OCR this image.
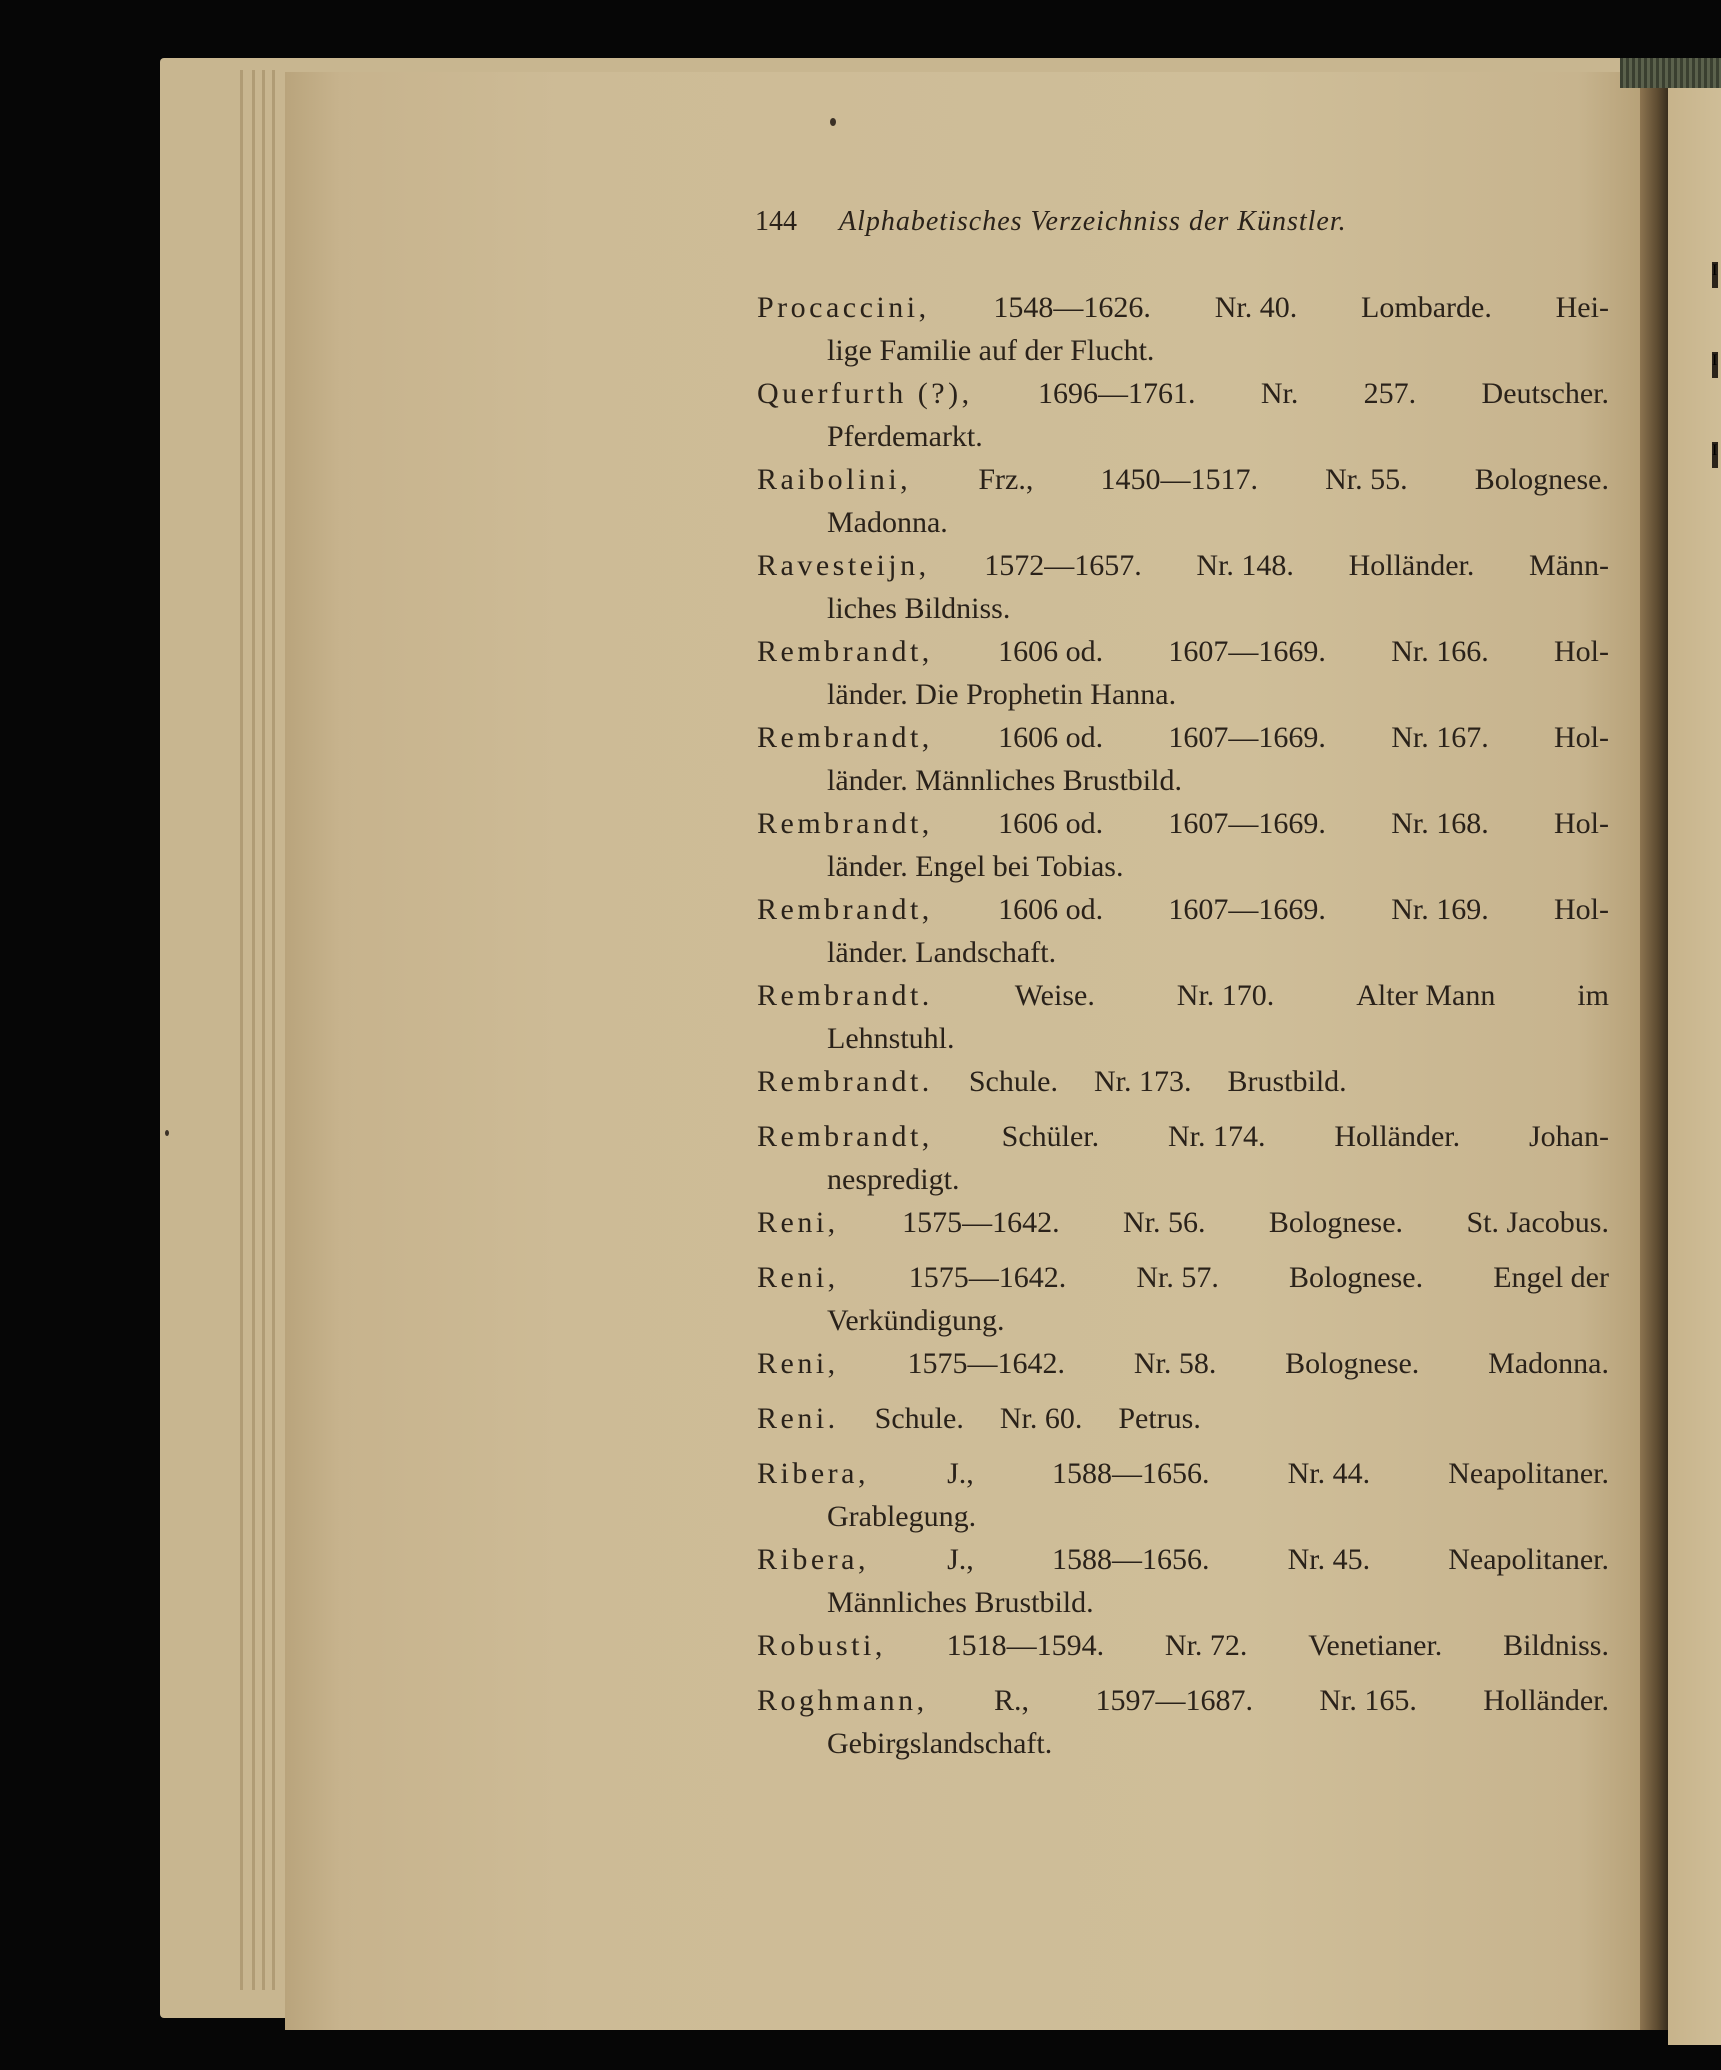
I
I
I
144 Alphabetisches Verzeichniss der Künstler.
Procaccini, 1548—1626. Nr. 40. Lombarde. Hei-
lige Familie auf der Flucht.
Querfurth (?), 1696—1761. Nr. 257. Deutscher.
Pferdemarkt.
Raibolini, Frz., 1450—1517. Nr. 55. Bolognese.
Madonna.
Ravesteijn, 1572—1657. Nr. 148. Holländer. Männ-
liches Bildniss.
Rembrandt, 1606 od. 1607—1669. Nr. 166. Hol-
länder. Die Prophetin Hanna.
Rembrandt, 1606 od. 1607—1669. Nr. 167. Hol-
länder. Männliches Brustbild.
Rembrandt, 1606 od. 1607—1669. Nr. 168. Hol-
länder. Engel bei Tobias.
Rembrandt, 1606 od. 1607—1669. Nr. 169. Hol-
länder. Landschaft.
Rembrandt.	Weise.	Nr. 170.	Alter Mann	im
Lehnstuhl.
Rembrandt. Schule. Nr. 173. Brustbild.
Rembrandt, Schüler. Nr. 174. Holländer. Johan-
nespredigt.
Reni, 1575—1642. Nr. 56. Bolognese. St. Jacobus.
Reni, 1575—1642. Nr. 57. Bolognese. Engel der
Verkündigung.
Reni, 1575—1642. Nr. 58. Bolognese. Madonna.
Reni. Schule. Nr. 60. Petrus.
Ribera,	J.,	1588—1656.	Nr. 44.	Neapolitaner.
Grablegung.
Ribera,	J.,	1588—1656.	Nr. 45.	Neapolitaner.
Männliches Brustbild.
Robusti, 1518—1594. Nr. 72. Venetianer. Bildniss.
Roghmann, R., 1597—1687. Nr. 165. Holländer.
Gebirgslandschaft.
